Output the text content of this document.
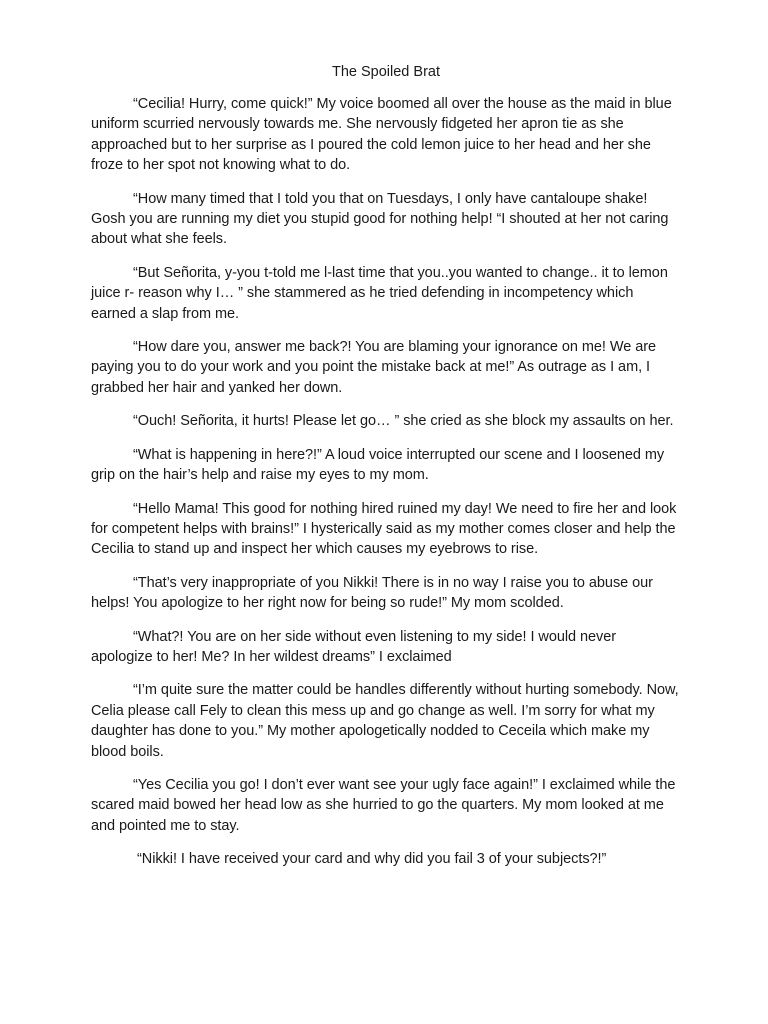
The Spoiled Brat

“Cecilia! Hurry, come quick!” My voice boomed all over the house as the maid in blue uniform scurried nervously towards me. She nervously fidgeted her apron tie as she approached but to her surprise as I poured the cold lemon juice to her head and her she froze to her spot not knowing what to do.

“How many timed that I told you that on Tuesdays, I only have cantaloupe shake! Gosh you are running my diet you stupid good for nothing help! “I shouted at her not caring about what she feels.

“But Señorita, y-you t-told me l-last time that you..you wanted to change.. it to lemon juice r- reason why I… ” she stammered as he tried defending in incompetency which earned a slap from me.

“How dare you, answer me back?! You are blaming your ignorance on me! We are paying you to do your work and you point the mistake back at me!” As outrage as I am, I grabbed her hair and yanked her down.

“Ouch! Señorita, it hurts! Please let go… ” she cried as she block my assaults on her.

“What is happening in here?!” A loud voice interrupted our scene and I loosened my grip on the hair’s help and raise my eyes to my mom.

“Hello Mama! This good for nothing hired ruined my day! We need to fire her and look for competent helps with brains!” I hysterically said as my mother comes closer and help the Cecilia to stand up and inspect her which causes my eyebrows to rise.

“That’s very inappropriate of you Nikki! There is in no way I raise you to abuse our helps! You apologize to her right now for being so rude!” My mom scolded.

“What?! You are on her side without even listening to my side! I would never apologize to her! Me? In her wildest dreams” I exclaimed

“I’m quite sure the matter could be handles differently without hurting somebody. Now, Celia please call Fely to clean this mess up and go change as well. I’m sorry for what my daughter has done to you.” My mother apologetically nodded to Ceceila which make my blood boils.

“Yes Cecilia you go! I don’t ever want see your ugly face again!” I exclaimed while the scared maid bowed her head low as she hurried to go the quarters. My mom looked at me and pointed me to stay.

“Nikki! I have received your card and why did you fail 3 of your subjects?!”
